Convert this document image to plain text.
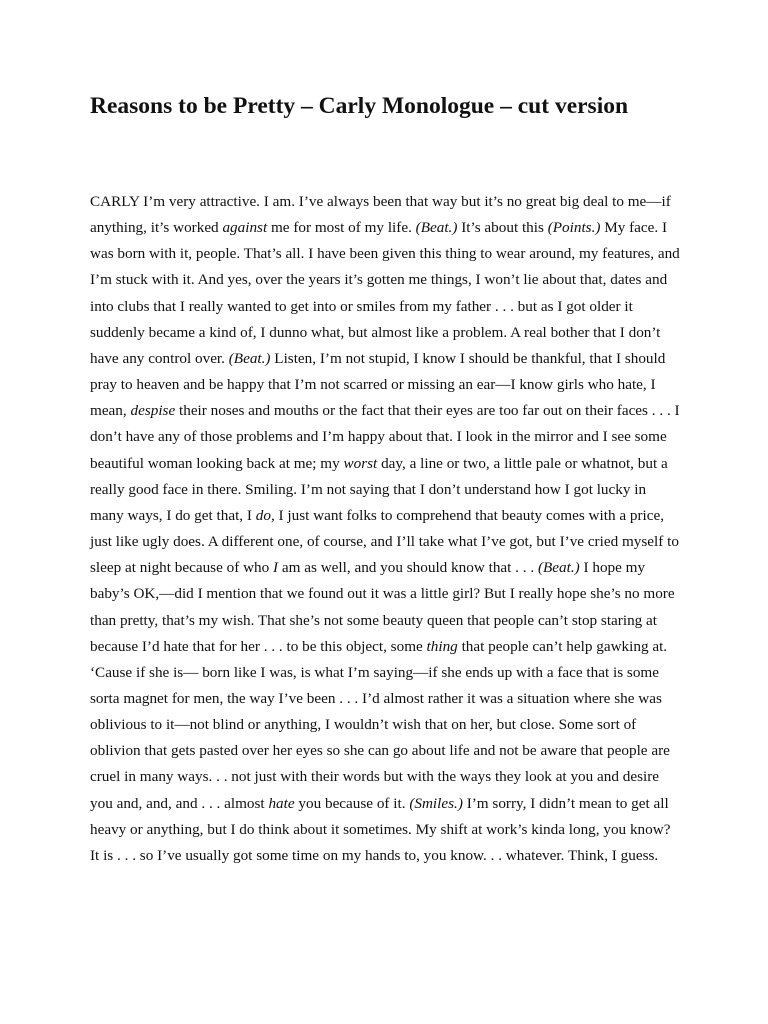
Reasons to be Pretty – Carly Monologue – cut version
CARLY I’m very attractive. I am. I’ve always been that way but it’s no great big deal to me—if
anything, it’s worked against me for most of my life. (Beat.) It’s about this (Points.) My face. I
was born with it, people. That’s all. I have been given this thing to wear around, my features, and
I’m stuck with it. And yes, over the years it’s gotten me things, I won’t lie about that, dates and
into clubs that I really wanted to get into or smiles from my father . . . but as I got older it
suddenly became a kind of, I dunno what, but almost like a problem. A real bother that I don’t
have any control over. (Beat.) Listen, I’m not stupid, I know I should be thankful, that I should
pray to heaven and be happy that I’m not scarred or missing an ear—I know girls who hate, I
mean, despise their noses and mouths or the fact that their eyes are too far out on their faces . . . I
don’t have any of those problems and I’m happy about that. I look in the mirror and I see some
beautiful woman looking back at me; my worst day, a line or two, a little pale or whatnot, but a
really good face in there. Smiling. I’m not saying that I don’t understand how I got lucky in
many ways, I do get that, I do, I just want folks to comprehend that beauty comes with a price,
just like ugly does. A different one, of course, and I’ll take what I’ve got, but I’ve cried myself to
sleep at night because of who I am as well, and you should know that . . . (Beat.) I hope my
baby’s OK,—did I mention that we found out it was a little girl? But I really hope she’s no more
than pretty, that’s my wish. That she’s not some beauty queen that people can’t stop staring at
because I’d hate that for her . . . to be this object, some thing that people can’t help gawking at.
‘Cause if she is— born like I was, is what I’m saying—if she ends up with a face that is some
sorta magnet for men, the way I’ve been . . . I’d almost rather it was a situation where she was
oblivious to it—not blind or anything, I wouldn’t wish that on her, but close. Some sort of
oblivion that gets pasted over her eyes so she can go about life and not be aware that people are
cruel in many ways. . . not just with their words but with the ways they look at you and desire
you and, and, and . . . almost hate you because of it. (Smiles.) I’m sorry, I didn’t mean to get all
heavy or anything, but I do think about it sometimes. My shift at work’s kinda long, you know?
It is . . . so I’ve usually got some time on my hands to, you know. . . whatever. Think, I guess.
